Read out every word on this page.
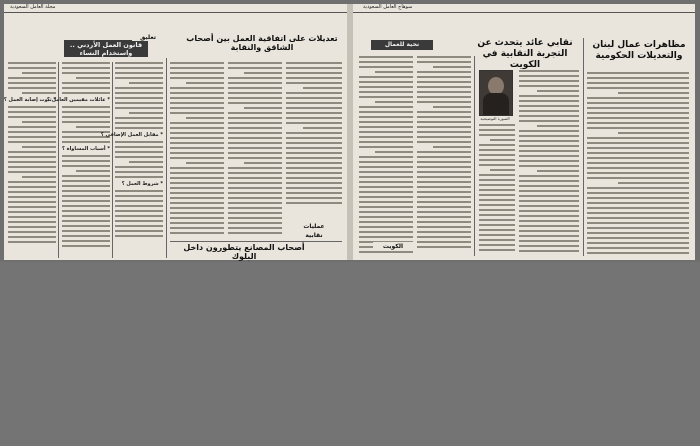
مجلة العامل السعودية
قانون العمل الأردني .. واستخدام النساء
تعليق	تعديلات على اتفاقية العمل بين أصحاب الشاقق والنقابة
* ثبوت إصابة العمل ؟
* عائلات مقيمين العامل ؟
* أسباب المساواة ؟
* مقابل العمل الإضافي ؟
* شروط العمل ؟
عمليات نقابية
أصحاب المصانع يتطورون داخل البلوك
سوهاج العامل السعودية
نحية للعمال	نقابي عائد يتحدث عن التجربة النقابية في الكويت
مظاهرات عمال لبنان والتعديلات الحكومية
الصورة التوضيحية
الكويت
